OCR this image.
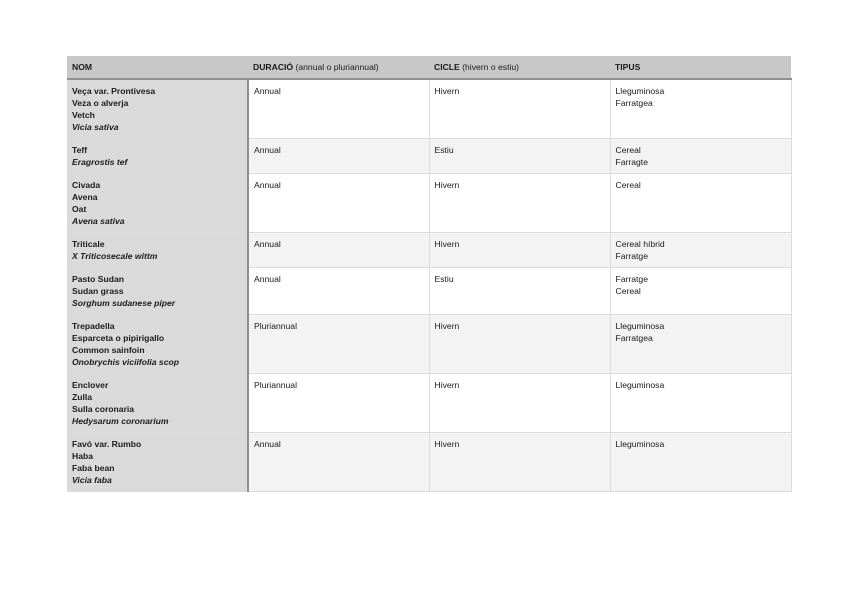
NOM	DURACIÓ (annual o pluriannual)	CICLE (hivern o estiu)	TIPUS

Veça var. Prontivesa
Veza o alverja
Vetch
Vicia sativa	Annual	Hivern	Lleguminosa
Farratgea

Teff
Eragrostis tef	Annual	Estiu	Cereal
Farragte

Civada
Avena
Oat
Avena sativa	Annual	Hivern	Cereal

Triticale
X Triticosecale wittm	Annual	Hivern	Cereal híbrid
Farratge

Pasto Sudan
Sudan grass
Sorghum sudanese piper	Annual	Estiu	Farratge
Cereal

Trepadella
Esparceta o pipirigallo
Common sainfoin
Onobrychis viciifolia scop	Pluriannual	Hivern	Lleguminosa
Farratgea

Enclover
Zulla
Sulla coronaria
Hedysarum coronarium	Pluriannual	Hivern	Lleguminosa

Favó var. Rumbo
Haba
Faba bean
Vicia faba	Annual	Hivern	Lleguminosa
